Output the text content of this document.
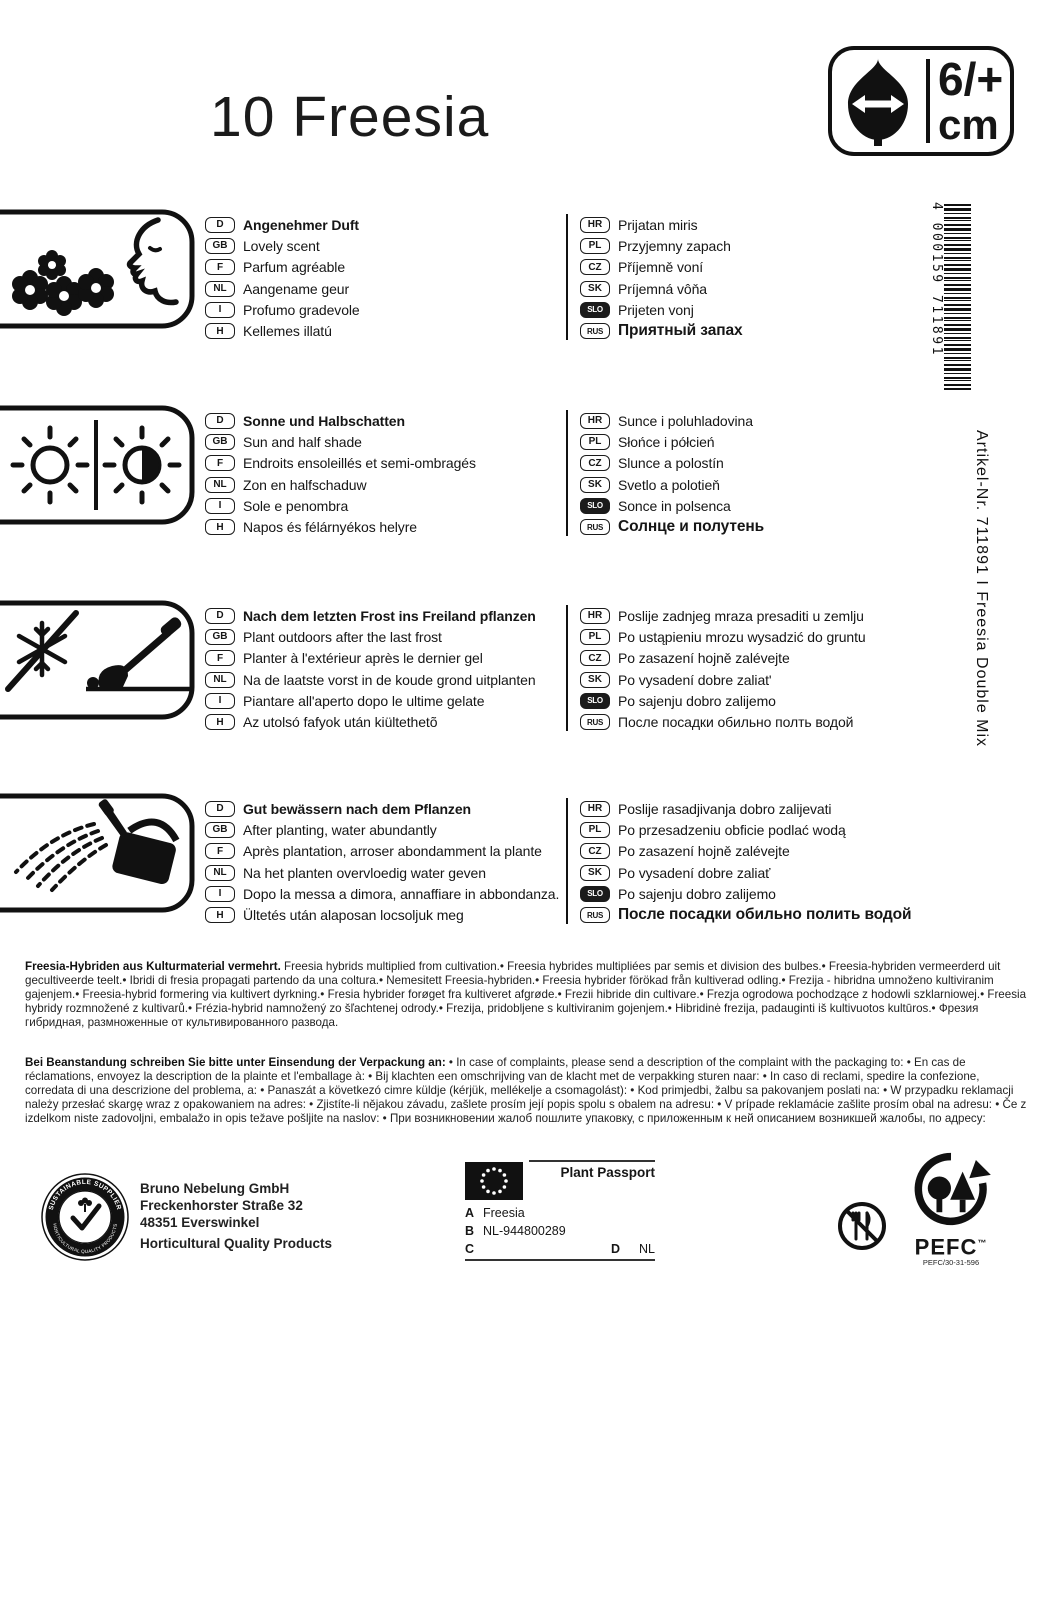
10 Freesia
6/+
cm
4 000159 711891
Artikel-Nr. 711891 I Freesia Double Mix
D	Angenehmer Duft
GB	Lovely scent
F	Parfum agréable
NL	Aangename geur
I	Profumo gradevole
H	Kellemes illatú
HR	Prijatan miris
PL	Przyjemny zapach
CZ	Příjemně voní
SK	Príjemná vôňa
SLO	Prijeten vonj
RUS Приятный запах
D	Sonne und Halbschatten
GB	Sun and half shade
F	Endroits ensoleillés et semi-ombragés
NL	Zon en halfschaduw
I	Sole e penombra
H	Napos és félárnyékos helyre
HR	Sunce i poluhladovina
PL	Słońce i półcień
CZ	Slunce a polostín
SK	Svetlo a polotieň
SLO	Sonce in polsenca
RUS Солнце и полутень
D	Nach dem letzten Frost ins Freiland pflanzen
GB	Plant outdoors after the last frost
F	Planter à l'extérieur après le dernier gel
NL	Na de laatste vorst in de koude grond uitplanten
I	Piantare all'aperto dopo le ultime gelate
H	Az utolsó fafyok után kiültethetõ
HR	Poslije zadnjeg mraza presaditi u zemlju
PL	Po ustąpieniu mrozu wysadzić do gruntu
CZ	Po zasazení hojně zalévejte
SK	Po vysadení dobre zaliat'
SLO	Po sajenju dobro zalijemo
RUS	После посадки обильно полть водой
D	Gut bewässern nach dem Pflanzen
GB	After planting, water abundantly
F	Après plantation, arroser abondamment la plante
NL	Na het planten overvloedig water geven
I	Dopo la messa a dimora, annaffiare in abbondanza.
H	Ültetés után alaposan locsoljuk meg
HR	Poslije rasadjivanja dobro zalijevati
PL	Po przesadzeniu obficie podlać wodą
CZ	Po zasazení hojně zalévejte
SK	Po vysadení dobre zaliať
SLO	Po sajenju dobro zalijemo
RUS После посадки обильно полить водой

Freesia-Hybriden aus Kulturmaterial vermehrt. Freesia hybrids multiplied from cultivation.• Freesia hybrides multipliées par semis et division des bulbes.• Freesia-hybriden vermeerderd uit gecultiveerde teelt.• Ibridi di fresia propagati partendo da una coltura.• Nemesitett Freesia-hybriden.• Freesia hybrider förökad från kultiverad odling.• Frezija - hibridna umnoženo kultiviranim gajenjem.• Freesia-hybrid formering via kultivert dyrkning.• Fresia hybrider forøget fra kultiveret afgrøde.• Frezii hibride din cultivare.• Frezja ogrodowa pochodzące z hodowli szklarniowej.• Freesia hybridy rozmnožené z kultivarů.• Frézia-hybrid namnožený zo šľachtenej odrody.• Frezija, pridobljene s kultiviranim gojenjem.• Hibridinė frezija, padauginti iš kultivuotos kultūros.• Фрезия гибридная, размноженные от культивированного развода.

Bei Beanstandung schreiben Sie bitte unter Einsendung der Verpackung an: • In case of complaints, please send a description of the complaint with the packaging to: • En cas de réclamations, envoyez la description de la plainte et l'emballage à: • Bij klachten een omschrijving van de klacht met de verpakking sturen naar: • In caso di reclami, spedire la confezione, corredata di una descrizione del problema, a: • Panaszát a következó cimre küldje (kérjük, mellékelje a csomagolást): • Kod primjedbi, žalbu sa pakovanjem poslati na: • W przypadku reklamacji należy przesłać skargę wraz z opakowaniem na adres: • Zjistíte-li nějakou závadu, zašlete prosím její popis spolu s obalem na adresu: • V prípade reklamácie zašlite prosím obal na adresu: • Če z izdelkom niste zadovoljni, embalažo in opis težave pošljite na naslov: • При возникновении жалоб пошлите упаковку, с приложенным к ней описанием возникшей жалобы, по адресу:

SUSTAINABLE SUPPLIER
HORTICULTURAL QUALITY PRODUCTS
Bruno Nebelung GmbH
Freckenhorster Straße 32
48351 Everswinkel
Horticultural Quality Products
Plant Passport
A Freesia
B NL-944800289
C	D	NL	PEFC™
PEFC/30-31-596
